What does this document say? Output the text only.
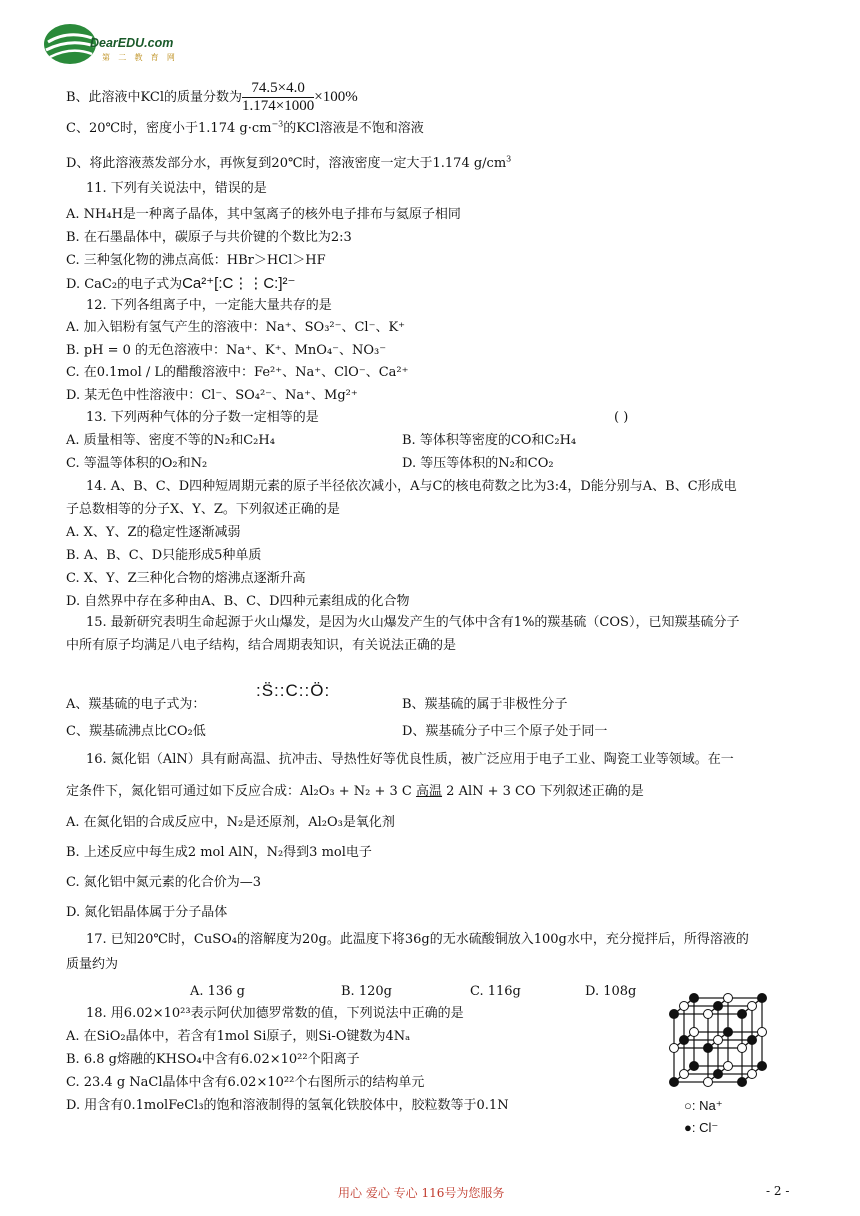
DearEDU.com
第 二 教 育 网
B、此溶液中KCl的质量分数为 $\frac{74.5\times 4.0}{1.174\times 1000} \times 100\%$
C、20℃时，密度小于1.174 $g\cdot cm^{-3}$的KCl溶液是不饱和溶液
D、将此溶液蒸发部分水，再恢复到20℃时，溶液密度一定大于1.174 $g/cm^3$
11. 下列有关说法中，错误的是
A. NH₄H是一种离子晶体，其中氢离子的核外电子排布与氦原子相同
B. 在石墨晶体中，碳原子与共价键的个数比为2:3
C. 三种氢化物的沸点高低：HBr＞HCl＞HF
D. CaC₂的电子式为Ca²⁺[:C⋮⋮C:]²⁻
12. 下列各组离子中，一定能大量共存的是
A. 加入铝粉有氢气产生的溶液中：Na⁺、SO₃²⁻、Cl⁻、K⁺
B. pH = 0 的无色溶液中：Na⁺、K⁺、MnO₄⁻、NO₃⁻
C. 在0.1mol / L的醋酸溶液中：Fe²⁺、Na⁺、ClO⁻、Ca²⁺
D. 某无色中性溶液中：Cl⁻、SO₄²⁻、Na⁺、Mg²⁺
13. 下列两种气体的分子数一定相等的是	( )
A. 质量相等、密度不等的N₂和C₂H₄	B. 等体积等密度的CO和C₂H₄
C. 等温等体积的O₂和N₂	D. 等压等体积的N₂和CO₂
14. A、B、C、D四种短周期元素的原子半径依次减小，A与C的核电荷数之比为3:4，D能分别与A、B、C形成电
子总数相等的分子X、Y、Z。下列叙述正确的是
A. X、Y、Z的稳定性逐渐减弱
B. A、B、C、D只能形成5种单质
C. X、Y、Z三种化合物的熔沸点逐渐升高
D. 自然界中存在多种由A、B、C、D四种元素组成的化合物
15. 最新研究表明生命起源于火山爆发，是因为火山爆发产生的气体中含有1%的羰基硫（COS），已知羰基硫分子
中所有原子均满足八电子结构，结合周期表知识，有关说法正确的是
A、羰基硫的电子式为：
:S̈::C::Ö:
B、羰基硫的属于非极性分子
C、羰基硫沸点比CO₂低	D、羰基硫分子中三个原子处于同一
16. 氮化铝（AlN）具有耐高温、抗冲击、导热性好等优良性质，被广泛应用于电子工业、陶瓷工业等领域。在一
定条件下，氮化铝可通过如下反应合成：Al₂O₃ + N₂ + 3 C 高温 2 AlN + 3 CO 下列叙述正确的是
A. 在氮化铝的合成反应中，N₂是还原剂，Al₂O₃是氧化剂
B. 上述反应中每生成2 mol AlN，N₂得到3 mol电子
C. 氮化铝中氮元素的化合价为—3
D. 氮化铝晶体属于分子晶体
17. 已知20℃时，CuSO₄的溶解度为20g。此温度下将36g的无水硫酸铜放入100g水中，充分搅拌后，所得溶液的
质量约为
A. 136 g	B. 120g	C. 116g	D. 108g
18. 用6.02×10²³表示阿伏加德罗常数的值，下列说法中正确的是
A. 在SiO₂晶体中，若含有1mol Si原子，则Si-O键数为4Nₐ
B. 6.8 g熔融的KHSO₄中含有6.02×10²²个阳离子
C. 23.4 g NaCl晶体中含有6.02×10²²个右图所示的结构单元
D. 用含有0.1molFeCl₃的饱和溶液制得的氢氧化铁胶体中，胶粒数等于0.1N	○: Na⁺
●: Cl⁻
用心 爱心 专心 116号为您服务	- 2 -
